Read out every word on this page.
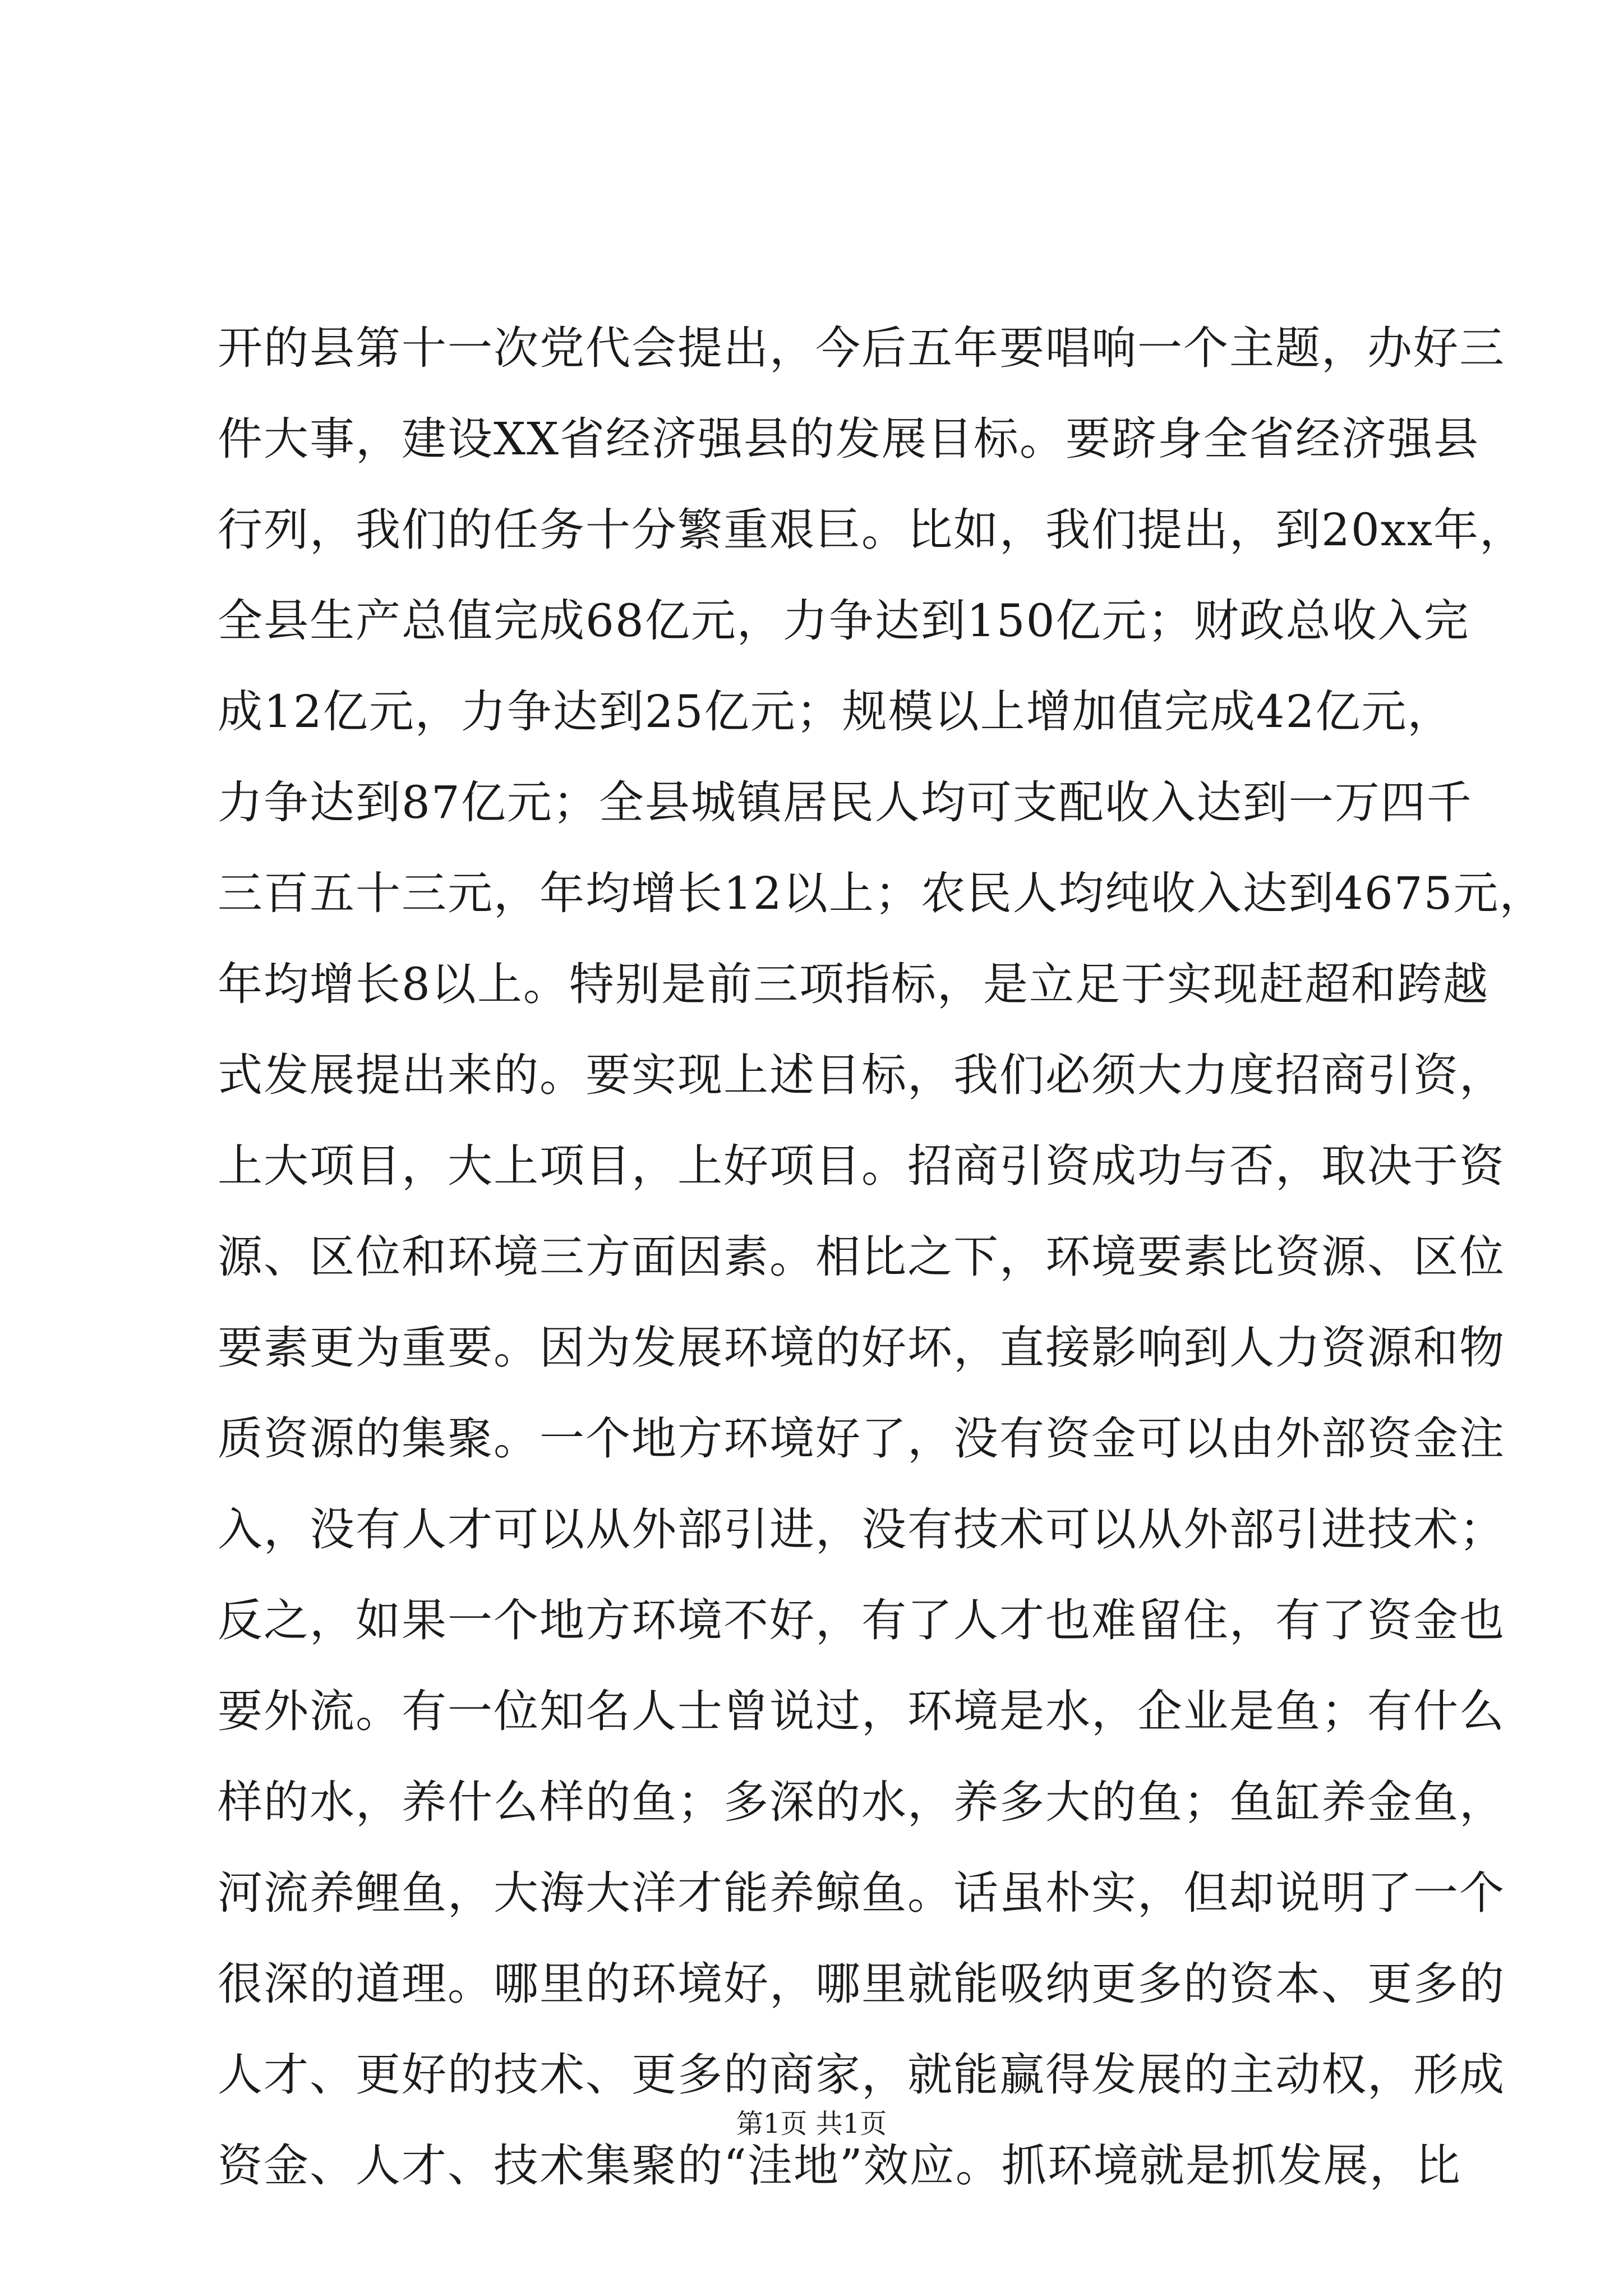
开的县第十一次党代会提出，今后五年要唱响一个主题，办好三
件大事，建设XX省经济强县的发展目标。要跻身全省经济强县
行列，我们的任务十分繁重艰巨。比如，我们提出，到20xx年，
全县生产总值完成68亿元，力争达到150亿元；财政总收入完
成12亿元，力争达到25亿元；规模以上增加值完成42亿元，
力争达到87亿元；全县城镇居民人均可支配收入达到一万四千
三百五十三元，年均增长12以上；农民人均纯收入达到4675元，
年均增长8以上。特别是前三项指标，是立足于实现赶超和跨越
式发展提出来的。要实现上述目标，我们必须大力度招商引资，
上大项目，大上项目，上好项目。招商引资成功与否，取决于资
源、区位和环境三方面因素。相比之下，环境要素比资源、区位
要素更为重要。因为发展环境的好坏，直接影响到人力资源和物
质资源的集聚。一个地方环境好了，没有资金可以由外部资金注
入，没有人才可以从外部引进，没有技术可以从外部引进技术；
反之，如果一个地方环境不好，有了人才也难留住，有了资金也
要外流。有一位知名人士曾说过，环境是水，企业是鱼；有什么
样的水，养什么样的鱼；多深的水，养多大的鱼；鱼缸养金鱼，
河流养鲤鱼，大海大洋才能养鲸鱼。话虽朴实，但却说明了一个
很深的道理。哪里的环境好，哪里就能吸纳更多的资本、更多的
人才、更好的技术、更多的商家，就能赢得发展的主动权，形成
资金、人才、技术集聚的“洼地”效应。抓环境就是抓发展，比
第1页 共1页
